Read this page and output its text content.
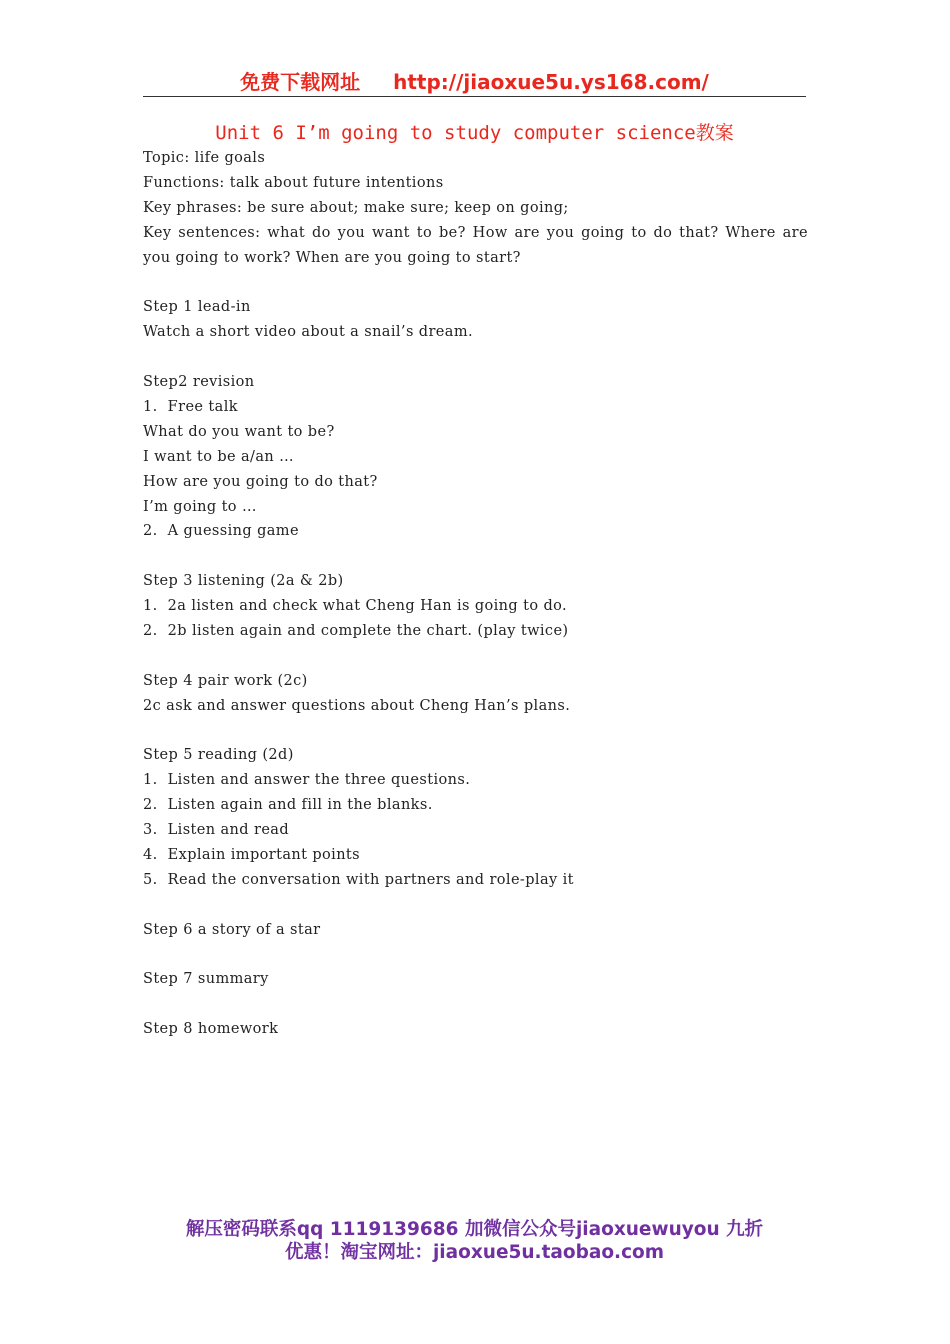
免费下载网址 http://jiaoxue5u.ys168.com/
Unit 6 I’m going to study computer science教案
Topic: life goals
Functions: talk about future intentions
Key phrases: be sure about; make sure; keep on going;
Key sentences: what do you want to be? How are you going to do that? Where are you going to work? When are you going to start?
Step 1 lead-in
Watch a short video about a snail’s dream.
Step2 revision
1.  Free talk
What do you want to be?
I want to be a/an …
How are you going to do that?
I’m going to …
2.  A guessing game
Step 3 listening (2a & 2b)
1.  2a listen and check what Cheng Han is going to do.
2.  2b listen again and complete the chart. (play twice)
Step 4 pair work (2c)
2c ask and answer questions about Cheng Han’s plans.
Step 5 reading (2d)
1.  Listen and answer the three questions.
2.  Listen again and fill in the blanks.
3.  Listen and read
4.  Explain important points
5.  Read the conversation with partners and role-play it
Step 6 a story of a star
Step 7 summary
Step 8 homework
解压密码联系qq 1119139686 加微信公众号jiaoxuewuyou 九折
优惠！淘宝网址：jiaoxue5u.taobao.com
